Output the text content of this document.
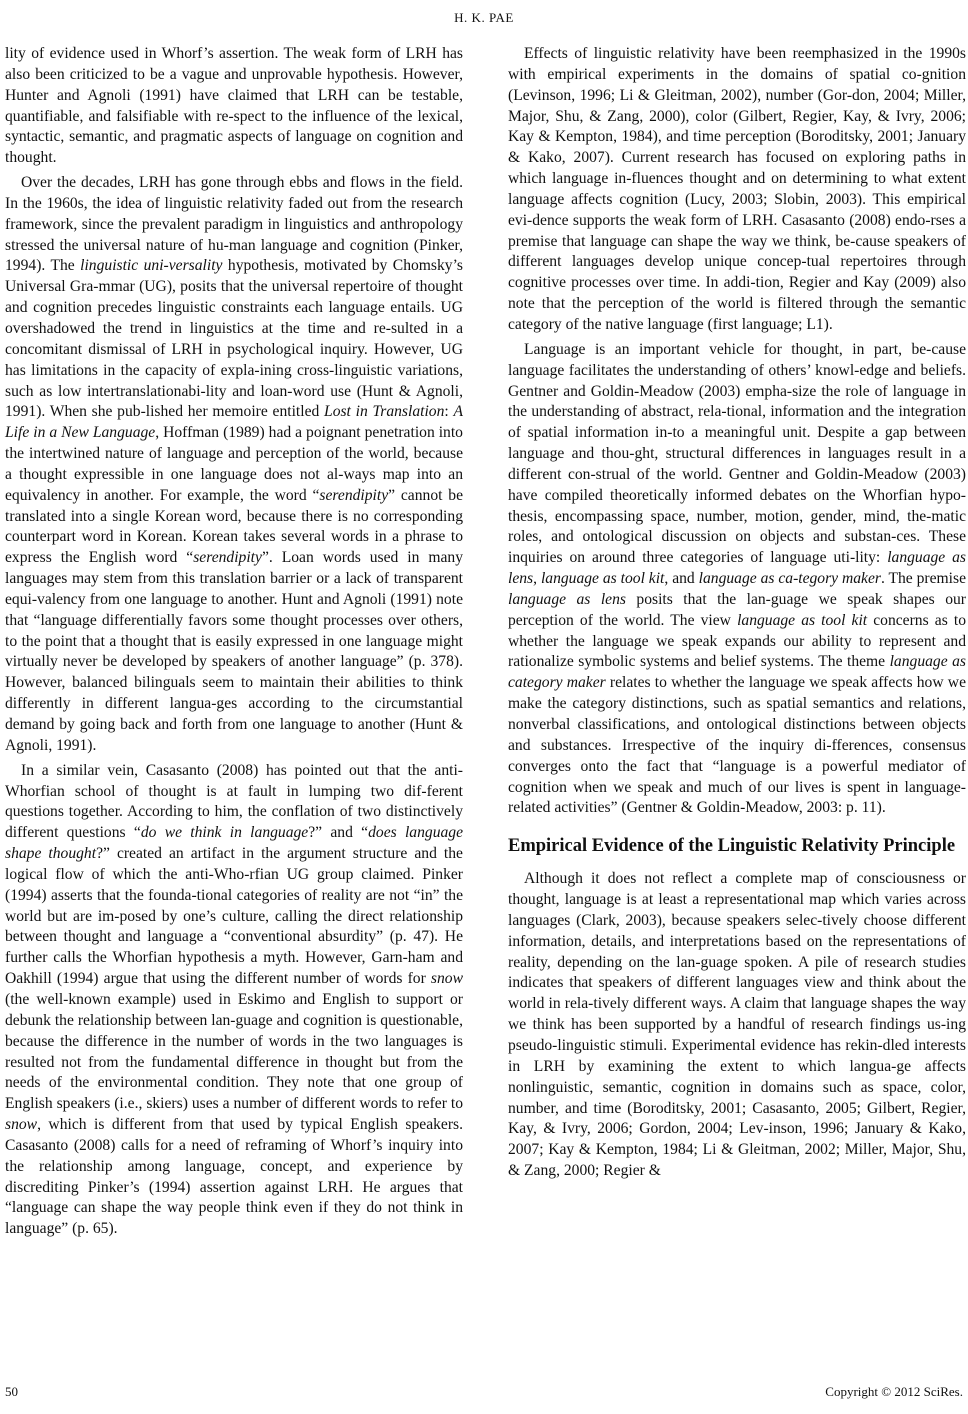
H. K. PAE

lity of evidence used in Whorf’s assertion. The weak form of LRH has also been criticized to be a vague and unprovable hypothesis. However, Hunter and Agnoli (1991) have claimed that LRH can be testable, quantifiable, and falsifiable with re-spect to the influence of the lexical, syntactic, semantic, and pragmatic aspects of language on cognition and thought.

Over the decades, LRH has gone through ebbs and flows in the field. In the 1960s, the idea of linguistic relativity faded out from the research framework, since the prevalent paradigm in linguistics and anthropology stressed the universal nature of hu-man language and cognition (Pinker, 1994). The linguistic uni-versality hypothesis, motivated by Chomsky’s Universal Gra-mmar (UG), posits that the universal repertoire of thought and cognition precedes linguistic constraints each language entails. UG overshadowed the trend in linguistics at the time and re-sulted in a concomitant dismissal of LRH in psychological inquiry. However, UG has limitations in the capacity of expla-ining cross-linguistic variations, such as low intertranslationabi-lity and loan-word use (Hunt & Agnoli, 1991). When she pub-lished her memoire entitled Lost in Translation: A Life in a New Language, Hoffman (1989) had a poignant penetration into the intertwined nature of language and perception of the world, because a thought expressible in one language does not al-ways map into an equivalency in another. For example, the word “serendipity” cannot be translated into a single Korean word, because there is no corresponding counterpart word in Korean. Korean takes several words in a phrase to express the English word “serendipity”. Loan words used in many languages may stem from this translation barrier or a lack of transparent equi-valency from one language to another. Hunt and Agnoli (1991) note that “language differentially favors some thought processes over others, to the point that a thought that is easily expressed in one language might virtually never be developed by speakers of another language” (p. 378). However, balanced bilinguals seem to maintain their abilities to think differently in different langua-ges according to the circumstantial demand by going back and forth from one language to another (Hunt & Agnoli, 1991).

In a similar vein, Casasanto (2008) has pointed out that the anti-Whorfian school of thought is at fault in lumping two dif-ferent questions together. According to him, the conflation of two distinctively different questions “do we think in language?” and “does language shape thought?” created an artifact in the argument structure and the logical flow of which the anti-Who-rfian UG group claimed. Pinker (1994) asserts that the founda-tional categories of reality are not “in” the world but are im-posed by one’s culture, calling the direct relationship between thought and language a “conventional absurdity” (p. 47). He further calls the Whorfian hypothesis a myth. However, Garn-ham and Oakhill (1994) argue that using the different number of words for snow (the well-known example) used in Eskimo and English to support or debunk the relationship between lan-guage and cognition is questionable, because the difference in the number of words in the two languages is resulted not from the fundamental difference in thought but from the needs of the environmental condition. They note that one group of English speakers (i.e., skiers) uses a number of different words to refer to snow, which is different from that used by typical English speakers. Casasanto (2008) calls for a need of reframing of Whorf’s inquiry into the relationship among language, concept, and experience by discrediting Pinker’s (1994) assertion against LRH. He argues that “language can shape the way people think even if they do not think in language” (p. 65).

Effects of linguistic relativity have been reemphasized in the 1990s with empirical experiments in the domains of spatial co-gnition (Levinson, 1996; Li & Gleitman, 2002), number (Gor-don, 2004; Miller, Major, Shu, & Zang, 2000), color (Gilbert, Regier, Kay, & Ivry, 2006; Kay & Kempton, 1984), and time perception (Boroditsky, 2001; January & Kako, 2007). Current research has focused on exploring paths in which language in-fluences thought and on determining to what extent language affects cognition (Lucy, 2003; Slobin, 2003). This empirical evi-dence supports the weak form of LRH. Casasanto (2008) endo-rses a premise that language can shape the way we think, be-cause speakers of different languages develop unique concep-tual repertoires through cognitive processes over time. In addi-tion, Regier and Kay (2009) also note that the perception of the world is filtered through the semantic category of the native language (first language; L1).

Language is an important vehicle for thought, in part, be-cause language facilitates the understanding of others’ knowl-edge and beliefs. Gentner and Goldin-Meadow (2003) empha-size the role of language in the understanding of abstract, rela-tional, information and the integration of spatial information in-to a meaningful unit. Despite a gap between language and thou-ght, structural differences in languages result in a different con-strual of the world. Gentner and Goldin-Meadow (2003) have compiled theoretically informed debates on the Whorfian hypo-thesis, encompassing space, number, motion, gender, mind, the-matic roles, and ontological discussion on objects and substan-ces. These inquiries on around three categories of language uti-lity: language as lens, language as tool kit, and language as ca-tegory maker. The premise language as lens posits that the lan-guage we speak shapes our perception of the world. The view language as tool kit concerns as to whether the language we speak expands our ability to represent and rationalize symbolic systems and belief systems. The theme language as category maker relates to whether the language we speak affects how we make the category distinctions, such as spatial semantics and relations, nonverbal classifications, and ontological distinctions between objects and substances. Irrespective of the inquiry di-fferences, consensus converges onto the fact that “language is a powerful mediator of cognition when we speak and much of our lives is spent in language-related activities” (Gentner & Goldin-Meadow, 2003: p. 11).

Empirical Evidence of the Linguistic Relativity Principle

Although it does not reflect a complete map of consciousness or thought, language is at least a representational map which varies across languages (Clark, 2003), because speakers selec-tively choose different information, details, and interpretations based on the representations of reality, depending on the lan-guage spoken. A pile of research studies indicates that speakers of different languages view and think about the world in rela-tively different ways. A claim that language shapes the way we think has been supported by a handful of research findings us-ing pseudo-linguistic stimuli. Experimental evidence has rekin-dled interests in LRH by examining the extent to which langua-ge affects nonlinguistic, semantic, cognition in domains such as space, color, number, and time (Boroditsky, 2001; Casasanto, 2005; Gilbert, Regier, Kay, & Ivry, 2006; Gordon, 2004; Lev-inson, 1996; January & Kako, 2007; Kay & Kempton, 1984; Li & Gleitman, 2002; Miller, Major, Shu, & Zang, 2000; Regier &

50	Copyright © 2012 SciRes.
